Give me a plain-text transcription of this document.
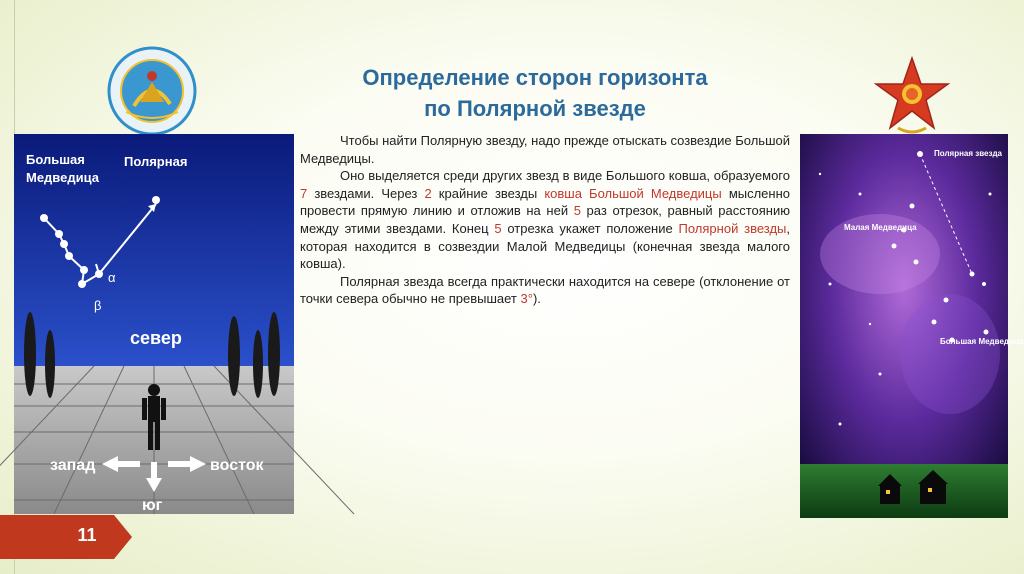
Определение сторон горизонта
по Полярной звезде

Чтобы найти Полярную звезду, надо прежде отыскать созвездие Большой Медведицы.

Оно выделяется среди других звезд в виде Большого ковша, образуемого 7 звездами. Через 2 крайние звезды ковша Большой Медведицы мысленно провести прямую линию и отложив на ней 5 раз отрезок, равный расстоянию между этими звездами. Конец 5 отрезка укажет положение Полярной звезды, которая находится в созвездии Малой Медведицы (конечная звезда малого ковша).

Полярная звезда всегда практически находится на севере (отклонение от точки севера обычно не превышает 3°).

Большая
Медведица
Полярная
α
β
север
запад	восток
юг
Полярная звезда
Малая Медведица
Большая Медведица
11
